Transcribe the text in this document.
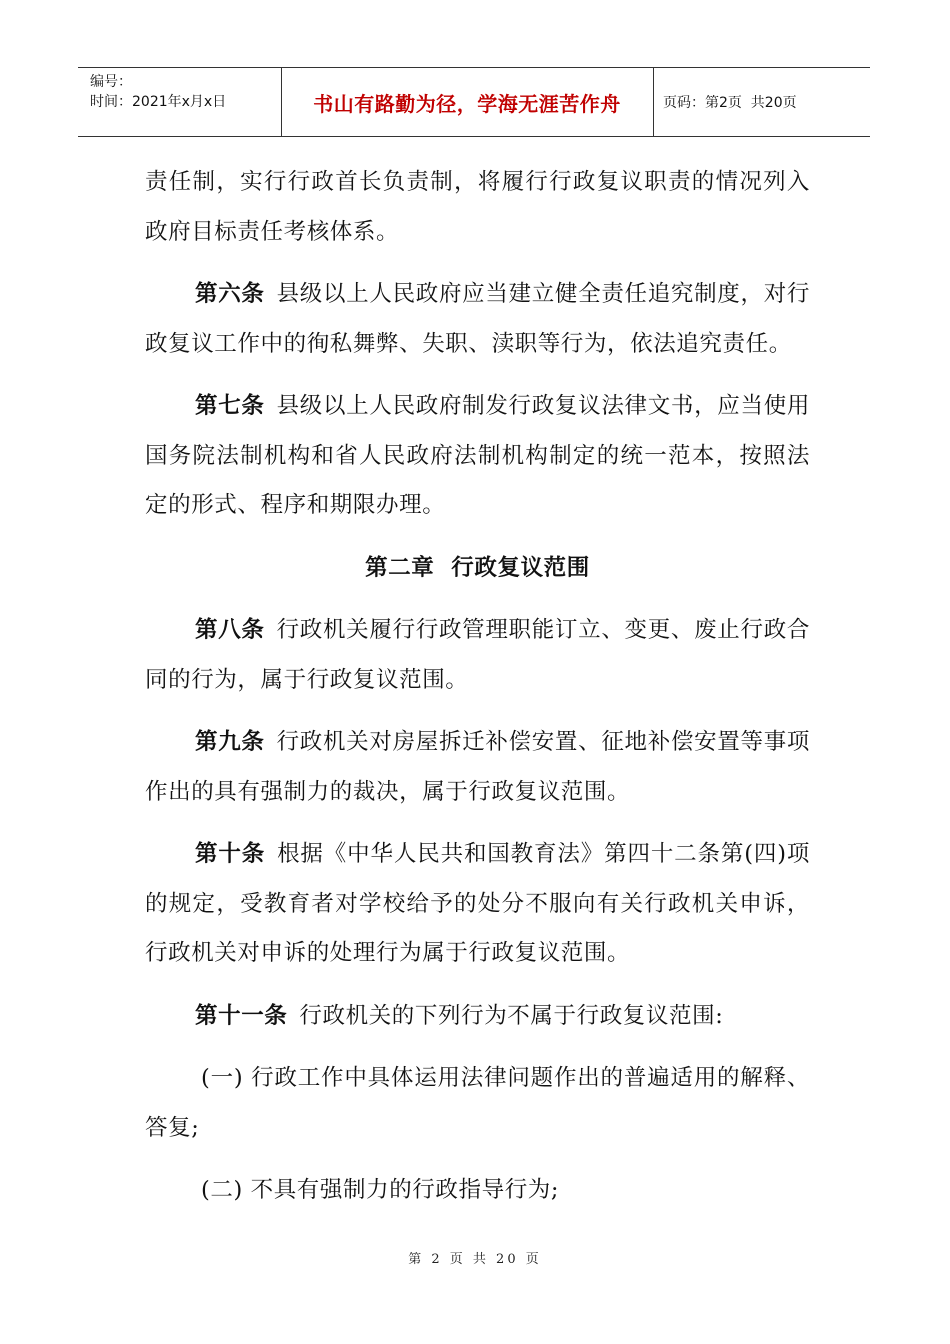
编号：
时间：2021年x月x日	书山有路勤为径，学海无涯苦作舟	页码：第2页  共20页

责任制，实行行政首长负责制，将履行行政复议职责的情况列入政府目标责任考核体系。

第六条 县级以上人民政府应当建立健全责任追究制度，对行政复议工作中的徇私舞弊、失职、渎职等行为，依法追究责任。

第七条 县级以上人民政府制发行政复议法律文书，应当使用国务院法制机构和省人民政府法制机构制定的统一范本，按照法定的形式、程序和期限办理。

第二章  行政复议范围

第八条 行政机关履行行政管理职能订立、变更、废止行政合同的行为，属于行政复议范围。

第九条 行政机关对房屋拆迁补偿安置、征地补偿安置等事项作出的具有强制力的裁决，属于行政复议范围。

第十条 根据《中华人民共和国教育法》第四十二条第(四)项的规定，受教育者对学校给予的处分不服向有关行政机关申诉，行政机关对申诉的处理行为属于行政复议范围。

第十一条 行政机关的下列行为不属于行政复议范围:

(一) 行政工作中具体运用法律问题作出的普遍适用的解释、答复;

(二) 不具有强制力的行政指导行为;

第 2 页 共 20 页
